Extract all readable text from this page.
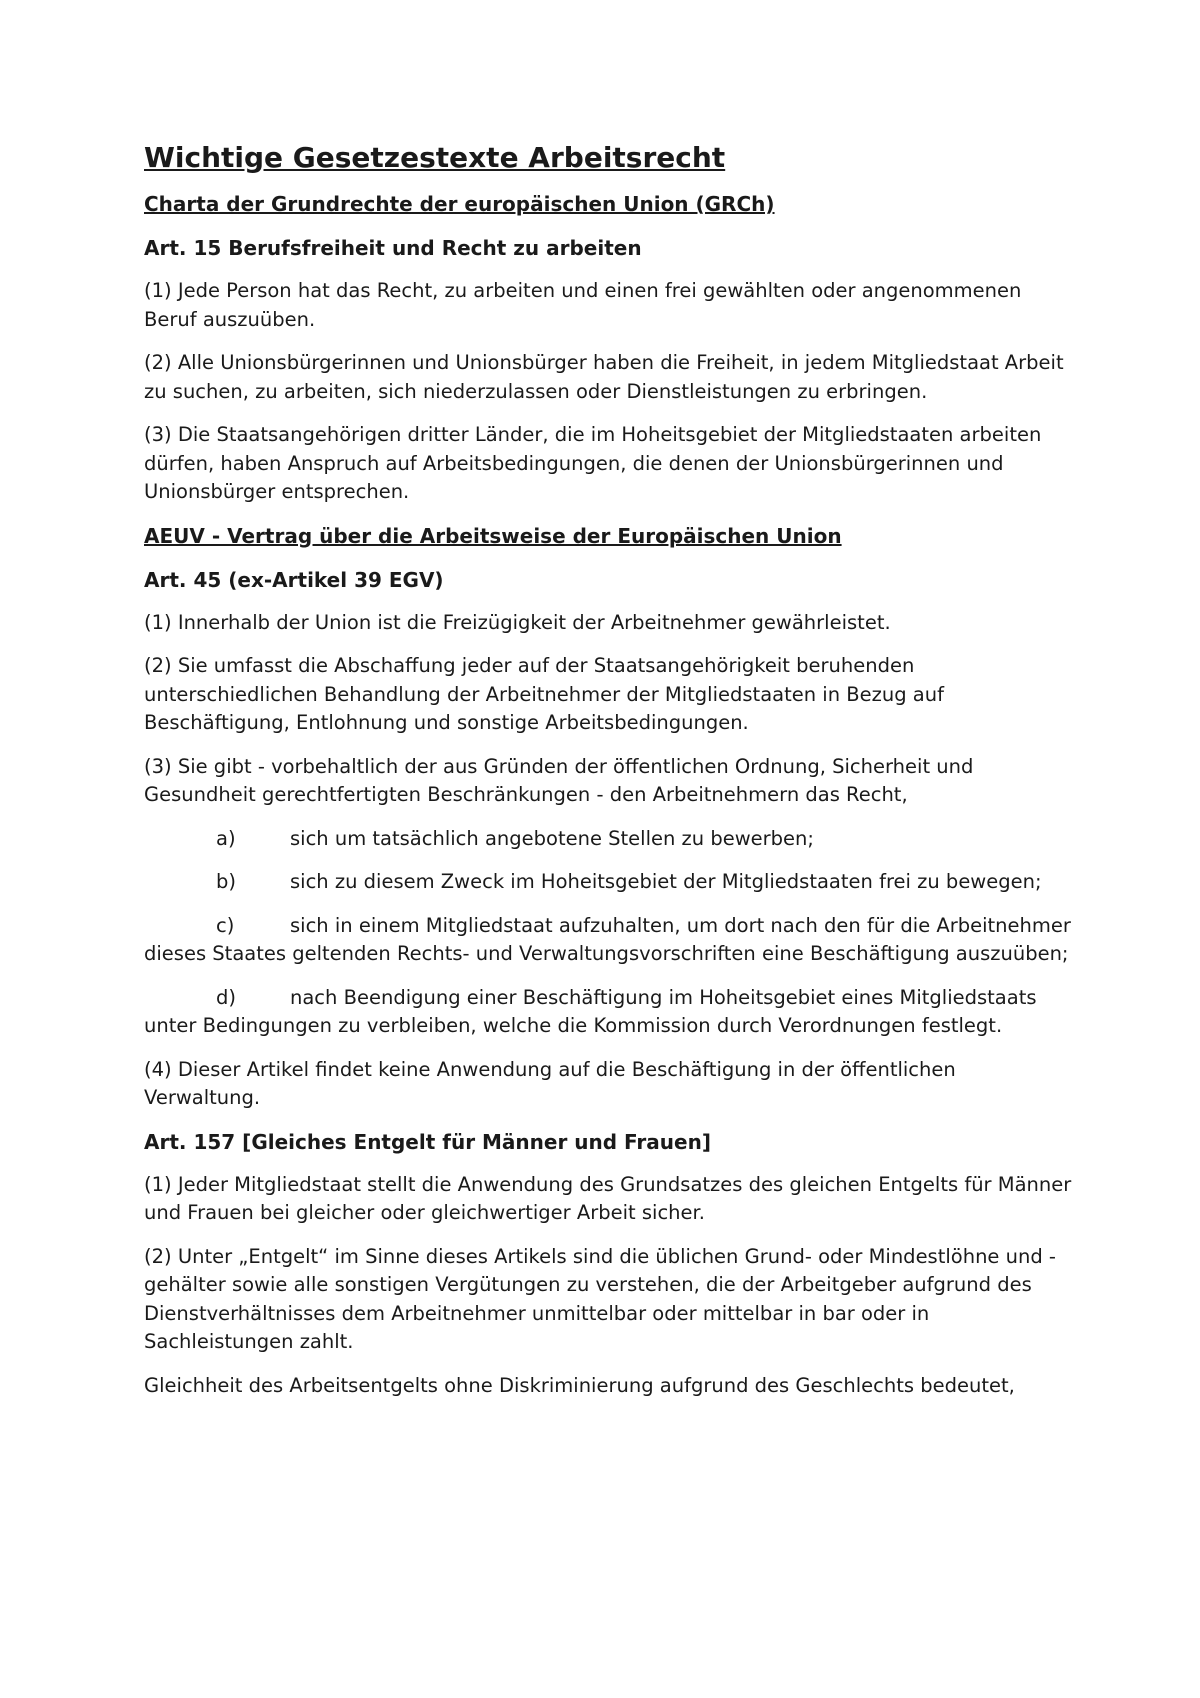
Wichtige Gesetzestexte Arbeitsrecht
Charta der Grundrechte der europäischen Union (GRCh)
Art. 15 Berufsfreiheit und Recht zu arbeiten
(1) Jede Person hat das Recht, zu arbeiten und einen frei gewählten oder angenommenen Beruf auszuüben.
(2) Alle Unionsbürgerinnen und Unionsbürger haben die Freiheit, in jedem Mitgliedstaat Arbeit zu suchen, zu arbeiten, sich niederzulassen oder Dienstleistungen zu erbringen.
(3) Die Staatsangehörigen dritter Länder, die im Hoheitsgebiet der Mitgliedstaaten arbeiten dürfen, haben Anspruch auf Arbeitsbedingungen, die denen der Unionsbürgerinnen und Unionsbürger entsprechen.
AEUV - Vertrag über die Arbeitsweise der Europäischen Union
Art. 45 (ex-Artikel 39 EGV)
(1) Innerhalb der Union ist die Freizügigkeit der Arbeitnehmer gewährleistet.
(2) Sie umfasst die Abschaffung jeder auf der Staatsangehörigkeit beruhenden unterschiedlichen Behandlung der Arbeitnehmer der Mitgliedstaaten in Bezug auf Beschäftigung, Entlohnung und sonstige Arbeitsbedingungen.
(3) Sie gibt - vorbehaltlich der aus Gründen der öffentlichen Ordnung, Sicherheit und Gesundheit gerechtfertigten Beschränkungen - den Arbeitnehmern das Recht,
a)	sich um tatsächlich angebotene Stellen zu bewerben;
b)	sich zu diesem Zweck im Hoheitsgebiet der Mitgliedstaaten frei zu bewegen;
c)	sich in einem Mitgliedstaat aufzuhalten, um dort nach den für die Arbeitnehmer dieses Staates geltenden Rechts- und Verwaltungsvorschriften eine Beschäftigung auszuüben;
d)	nach Beendigung einer Beschäftigung im Hoheitsgebiet eines Mitgliedstaats unter Bedingungen zu verbleiben, welche die Kommission durch Verordnungen festlegt.
(4) Dieser Artikel findet keine Anwendung auf die Beschäftigung in der öffentlichen Verwaltung.
Art. 157 [Gleiches Entgelt für Männer und Frauen]
(1) Jeder Mitgliedstaat stellt die Anwendung des Grundsatzes des gleichen Entgelts für Männer und Frauen bei gleicher oder gleichwertiger Arbeit sicher.
(2) Unter „Entgelt“ im Sinne dieses Artikels sind die üblichen Grund- oder Mindestlöhne und -gehälter sowie alle sonstigen Vergütungen zu verstehen, die der Arbeitgeber aufgrund des Dienstverhältnisses dem Arbeitnehmer unmittelbar oder mittelbar in bar oder in Sachleistungen zahlt.
Gleichheit des Arbeitsentgelts ohne Diskriminierung aufgrund des Geschlechts bedeutet,
